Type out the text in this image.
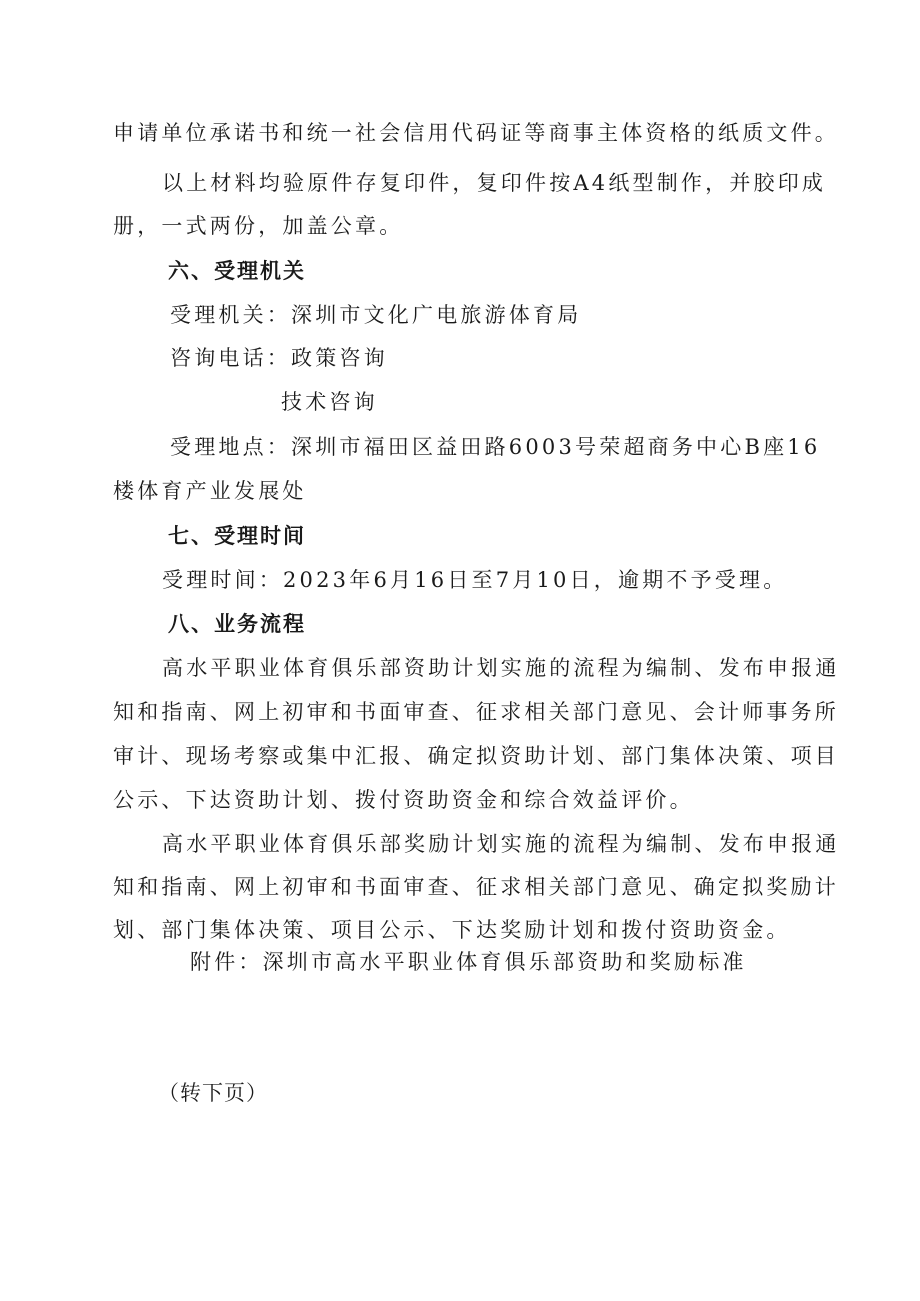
申请单位承诺书和统一社会信用代码证等商事主体资格的纸质文件。
以上材料均验原件存复印件，复印件按A4纸型制作，并胶印成
册，一式两份，加盖公章。
六、受理机关
受理机关：深圳市文化广电旅游体育局
咨询电话：政策咨询
技术咨询
受理地点：深圳市福田区益田路6003号荣超商务中心B座16
楼体育产业发展处
七、受理时间
受理时间：2023年6月16日至7月10日，逾期不予受理。
八、业务流程
高水平职业体育俱乐部资助计划实施的流程为编制、发布申报通
知和指南、网上初审和书面审查、征求相关部门意见、会计师事务所
审计、现场考察或集中汇报、确定拟资助计划、部门集体决策、项目
公示、下达资助计划、拨付资助资金和综合效益评价。
高水平职业体育俱乐部奖励计划实施的流程为编制、发布申报通
知和指南、网上初审和书面审查、征求相关部门意见、确定拟奖励计
划、部门集体决策、项目公示、下达奖励计划和拨付资助资金。
附件：深圳市高水平职业体育俱乐部资助和奖励标准
（转下页）
